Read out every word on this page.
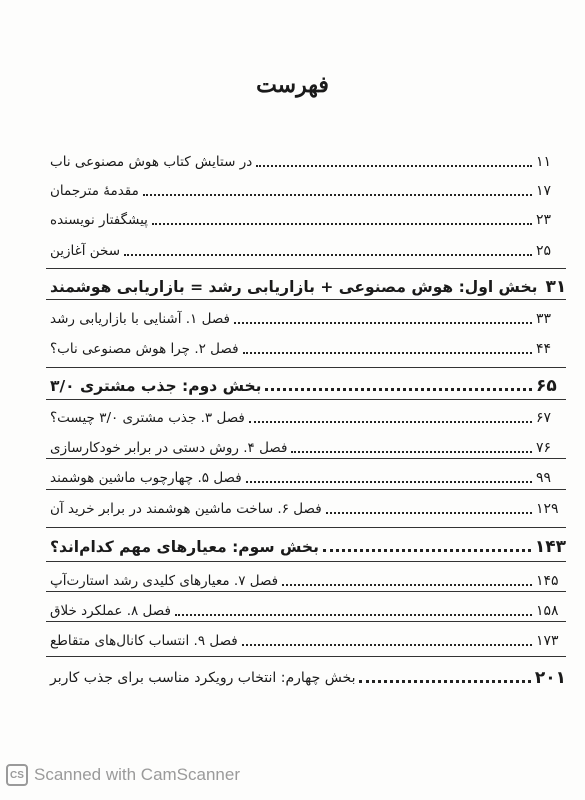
فهرست
در ستایش کتاب هوش مصنوعی ناب	۱۱
مقدمهٔ مترجمان	۱۷
پیشگفتار نویسنده	۲۳
سخن آغازین	۲۵
بخش اول: هوش مصنوعی + بازاریابی رشد = بازاریابی هوشمند ۳۱
فصل ۱. آشنایی با بازاریابی رشد	۳۳
فصل ۲. چرا هوش مصنوعی ناب؟	۴۴
بخش دوم: جذب مشتری ۳/۰	۶۵
فصل ۳. جذب مشتری ۳/۰ چیست؟	۶۷
فصل ۴. روش دستی در برابر خودکارسازی	۷۶
فصل ۵. چهارچوب ماشین هوشمند	۹۹
فصل ۶. ساخت ماشین هوشمند در برابر خرید آن	۱۲۹
بخش سوم: معیارهای مهم کدام‌اند؟	۱۴۳
فصل ۷. معیارهای کلیدی رشد استارت‌آپ	۱۴۵
فصل ۸. عملکرد خلاق	۱۵۸
فصل ۹. انتساب کانال‌های متقاطع	۱۷۳
بخش چهارم: انتخاب رویکرد مناسب برای جذب کاربر	۲۰۱
CS Scanned with CamScanner
